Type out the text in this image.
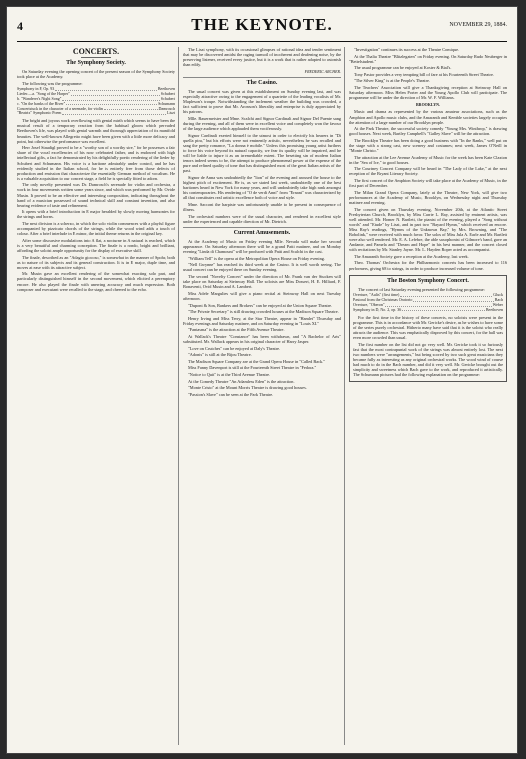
4	THE KEYNOTE.	NOVEMBER 29, 1884.
CONCERTS.
The Symphony Society.

On Saturday evening the opening concert of the present season of the Symphony Society took place at the Academy.

The following was the programme:

Symphony in F, Op. 93	Beethoven
Lieder.—a. "Song of the Harper"	Schubert
b. "Wanderer's Night Song"	Schubert
c. "On the banks of the River"	Schumann
Concertstuck in the character of a serenade, for violin	Damrosch
"Beatrix" Symphonic Poem	Liszt

The bright and joyous work overflowing with genial mirth which seems to have been the musical result of a temporary reaction from the habitual gloom which pervaded Beethoven's life, was played with genial warmth and thorough appreciation of its manifold beauties. The well-known Allegretto might have been given with a little more delicacy and point, but otherwise the performance was excellent.

Herr Josef Staudigl proved to be a "worthy son of a worthy sire," for he possesses a fair share of the vocal excellencies of his now celebrated father, and is endowed with high intellectual gifts, a fact he demonstrated by his delightfully poetic rendering of the lieder by Schubert and Schumann. His voice is a baritone admirably under control, and he has evidently studied in the Italian school, for he is entirely free from those defects of production and emission that characterize the essentially German method of vocalism. He is a valuable acquisition to our concert stage, a field he is specially fitted to adorn.

The only novelty presented was Dr. Damrosch's serenade for violin and orchestra, a work in four movements written some years since, and which was performed by Mr. Ovide Musin. It proved to be an effective and interesting composition, indicating throughout the hand of a musician possessed of sound technical skill and constant invention, and also bearing evidence of taste and refinement.

It opens with a brief introduction in E major heralded by slowly moving harmonies for the strings and horns.

The next division is a scherzo, in which the solo violin commences with a playful figure accompanied by pizzicato chords of the strings, while the wood wind adds a touch of colour. After a brief interlude in E minor, the initial theme returns in the original key.

After some discursive modulations into A flat, a nocturne in A natural is reached, which is a very beautiful and charming conception. The finale is a rondo, bright and brilliant, affording the soloist ample opportunity for the display of executive skill.

The finale, described as an "Adagio giocoso," is somewhat in the manner of Spohr, both as to nature of its subjects and its general construction. It is in E major, duple time, and moves at ease with its attractive subject.

Mr. Musin gave an excellent rendering of the somewhat exacting solo part, and particularly distinguished himself in the second movement, which elicited a peremptory encore. He also played the finale with unerring accuracy and much expression. Both composer and executant were recalled to the stage, and cheered to the echo.

The Liszt symphony, with its occasional glimpses of rational idea and tender sentiment that may be discovered amidst the raging turmoil of incoherent and deafening noise, by the preserving listener, received every justice, but it is a work that is rather adapted to astonish than edify.

FREDERIC ARCHER.
The Casino.

The usual concert was given at this establishment on Sunday evening last, and was especially attractive owing to the engagement of a quartette of the leading vocalists of Mr. Mapleson's troupe. Notwithstanding the inclement weather the building was crowded, a fact sufficient to prove that Mr. Aronson's liberality and enterprise is duly appreciated by his patrons.

Mlle. Bauermeister and Mme. Scalchi and Signor Cardinali and Signor Del Puente sang during the evening, and all of them were in excellent voice and completely won the favour of the large audience which applauded them vociferously.

Signor Cardinali exerted himself to the utmost in order to electrify his hearers in "Di quella pira," but his efforts were not eminently artistic, nevertheless he was recalled and sang the pretty romance, "La donna è mobile." Unless this promising young artist furthers to force his voice beyond its natural capacity, we fear its quality will be impaired, and he will be liable to injure it as an irremediable extent. The besetting sin of modern Italian tenors indeed seems to be, the attempt to produce phenomenal power at the expense of the pure and refined quality of tone that has distinguished most of the great Italian artists of the past.

Signor de Anna was undoubtedly the "lion" of the evening and aroused the house to the highest pitch of excitement. He is, as we stated last week, undoubtedly one of the best baritones heard in New York for many years, and will undoubtedly take high rank amongst his contemporaries. His rendering of "O de verdi Anni" from "Ernani" was characterized by all that constitutes real artistic excellence both of voice and style.

Mme. Sacconi the harpiste was unfortunately unable to be present in consequence of illness.

The orchestral numbers were of the usual character, and rendered in excellent style under the experienced and capable direction of Mr. Dietrich.

Current Amusements.

At the Academy of Music on Friday evening Mlle. Nevada will make her second appearance. On Saturday afternoon there will be a grand Patti matinee, and on Monday evening "Linda di Chamouni" will be produced with Patti and Scalchi in the cast.

"William Tell" is the opera at the Metropolitan Opera House on Friday evening.

"Nell Gwynne" has reached its third week at the Casino. It is well worth seeing. The usual concert can be enjoyed there on Sunday evening.

The second "Novelty Concert" under the direction of Mr. Frank van der Stucken will take place on Saturday at Steinway Hall. The soloists are Miss Dossert, H. E. Hilliard, F. Bonaventi, Ovid Musin and A. Lambert.

Miss Adele Margulies will give a piano recital at Steinway Hall on next Tuesday afternoon.

"Dupont & Son, Bankers and Brokers" can be enjoyed at the Union Square Theatre.

"The Private Secretary" is still drawing crowded houses at the Madison Square Theatre.

Henry Irving and Miss Terry, at the Star Theatre, appear in "Hamlet" Thursday and Friday evenings and Saturday matinee, and on Saturday evening in "Louis XI."

"Fantasma" is the attraction at the Fifth Avenue Theatre.

At Wallack's Theatre "Constance" has been withdrawn, and "A Bachelor of Arts" substituted. Mr. Wallack appears in his original character of Harry Jasper.

"Love on Crutches" can be enjoyed at Daly's Theatre.

"Adonis" is still at the Bijou Theatre.

The Madison Square Company are at the Grand Opera House in "Called Back."

Miss Fanny Davenport is still at the Fourteenth Street Theatre in "Fedora."

"Notice to Quit" is at the Third Avenue Theatre.

At the Comedy Theatre "An Adamless Eden" is the attraction.

"Monte Cristo" at the Mount Morris Theatre is drawing good houses.

"Passion's Slave" can be seen at the Park Theatre.

"Investigation" continues its success at the Theatre Comique.

At the Thalia Theatre "Blitzlegaten" on Friday evening. On Saturday Rudo Neuberger in "Bettelstudent."

The usual programme can be enjoyed at Koster & Bial's.

Tony Pastor provides a very tempting bill of fare at his Fourteenth Street Theatre.

"The Silver King" is at the People's Theatre.

The Teachers' Association will give a Thanksgiving reception at Steinway Hall on Saturday afternoon. Miss Helen Porter and the Young Apollo Club will participate. The programme will be under the direction of Mr. W. F. Williams.

BROOKLYN.

Music and drama as represented by the various amateur associations, such as the Amphion and Apollo music clubs, and the Amaranth and Kemble societies largely occupies the attention of a large number of our Brooklyn people.

At the Park Theatre, the successful society comedy "Young Mrs. Winthrop," is drawing good houses. Next week, Bartley Campbell's "Galley Slave" will be the attraction.

The Brooklyn Theatre has been doing a good business with "In the Ranks," well put on the stage with a strong cast, new scenery and costumes; next week, James O'Neill in "Monte Christo."

The attraction at the Lee Avenue Academy of Music for the week has been Kate Claxton in the "Sea of Ice," to good houses.

The Courtney Concert Company will be heard in "The Lady of the Lake," at the next reception of the Bryant Literary Society.

The first concert of the Amphion Society will take place at the Academy of Music, in the first part of December.

The Milan Grand Opera Company, lately at the Theatre, New York, will give two performances at the Academy of Music, Brooklyn, on Wednesday night and Thursday matinee and evening.

The concert given on Thursday evening, November 20th, at the Atlantic Street Presbyterian Church, Brooklyn, by Miss Carrie L. Ray, assisted by eminent artists, was well attended. Mr. Homer N. Bartlett, the pianist of the evening, played a "Song without words" and "Etude" by Liszt, and in part two "Bayard Hymn," which received an encore. Miss Ray's readings, "Hymns of the Unknown Bay," by Mrs. Browning, and "The Bobolink," were received with much favor. The solos of Miss Jula A. Earle and Mr. Bartlett were also well rendered. Mr. E. A. Lefebre, the able saxophonist of Gilmore's band, gave an Andante, and Pamela and "Dream and Hope" in his best manner, and the concert closed with recitations by Mr. Stanley Jayne. Mr. L. Hayden Roper acted as accompanist.

The Amaranth Society gave a reception at the Academy, last week.

Theo. Thomas' Orchestra for the Philharmonic concerts has been increased to 116 performers, giving 68 to strings, in order to produce increased volume of tone.

The Boston Symphony Concert.

The concert of last Saturday evening presented the following programme:

Overture, "Aulis" (first time)	Gluck
Pastoral from the Christmas Oratorio	Bach
Overture, "Oberon"	Weber
Symphony in D, No. 2, op. 36	Beethoven

For the first time in the history of these concerts, no soloists were present in the programme. This is in accordance with Mr. Gericke's desire, as he wishes to have some of the series purely orchestral. Hitherto many have said that it is the soloist who really attracts the audience. This was emphatically disproved by this concert, for the hall was even more crowded than usual.

The first number on the list did not go very well. Mr. Gericke took it so furiously fast that the most contrapuntal work of the strings was almost entirely lost. The next two numbers were "arrangements," but being scored by two such great musicians they became fully as interesting as any original orchestral works. The wood wind of course had much to do in the Bach number, and did it very well. Mr. Gericke brought out the simplicity and sweetness which Bach gave to the work, and reproduced it artistically. The Schumann pictures had the following explanation on the programme:
